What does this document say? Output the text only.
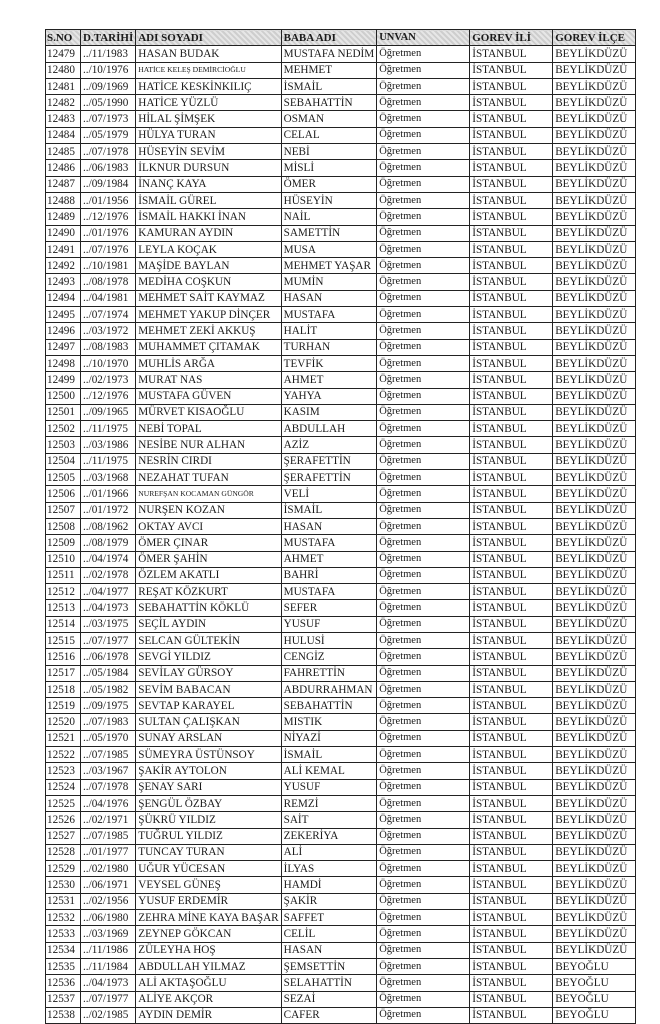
S.NO	D.TARİHİ	ADI SOYADI	BABA ADI	UNVAN	GOREV İLİ	GOREV İLÇE
12479	../11/1983	HASAN BUDAK	MUSTAFA NEDİM	Öğretmen	İSTANBUL	BEYLİKDÜZÜ
12480	../10/1976	HATİCE KELEŞ DEMİRCİOĞLU	MEHMET	Öğretmen	İSTANBUL	BEYLİKDÜZÜ
12481	../09/1969	HATİCE KESKİNKILIÇ	İSMAİL	Öğretmen	İSTANBUL	BEYLİKDÜZÜ
12482	../05/1990	HATİCE YÜZLÜ	SEBAHATTİN	Öğretmen	İSTANBUL	BEYLİKDÜZÜ
12483	../07/1973	HİLAL ŞİMŞEK	OSMAN	Öğretmen	İSTANBUL	BEYLİKDÜZÜ
12484	../05/1979	HÜLYA TURAN	CELAL	Öğretmen	İSTANBUL	BEYLİKDÜZÜ
12485	../07/1978	HÜSEYİN SEVİM	NEBİ	Öğretmen	İSTANBUL	BEYLİKDÜZÜ
12486	../06/1983	İLKNUR DURSUN	MİSLİ	Öğretmen	İSTANBUL	BEYLİKDÜZÜ
12487	../09/1984	İNANÇ KAYA	ÖMER	Öğretmen	İSTANBUL	BEYLİKDÜZÜ
12488	../01/1956	İSMAİL GÜREL	HÜSEYİN	Öğretmen	İSTANBUL	BEYLİKDÜZÜ
12489	../12/1976	İSMAİL HAKKI İNAN	NAİL	Öğretmen	İSTANBUL	BEYLİKDÜZÜ
12490	../01/1976	KAMURAN AYDIN	SAMETTİN	Öğretmen	İSTANBUL	BEYLİKDÜZÜ
12491	../07/1976	LEYLA KOÇAK	MUSA	Öğretmen	İSTANBUL	BEYLİKDÜZÜ
12492	../10/1981	MAŞİDE BAYLAN	MEHMET YAŞAR	Öğretmen	İSTANBUL	BEYLİKDÜZÜ
12493	../08/1978	MEDİHA COŞKUN	MUMİN	Öğretmen	İSTANBUL	BEYLİKDÜZÜ
12494	../04/1981	MEHMET SAİT KAYMAZ	HASAN	Öğretmen	İSTANBUL	BEYLİKDÜZÜ
12495	../07/1974	MEHMET YAKUP DİNÇER	MUSTAFA	Öğretmen	İSTANBUL	BEYLİKDÜZÜ
12496	../03/1972	MEHMET ZEKİ AKKUŞ	HALİT	Öğretmen	İSTANBUL	BEYLİKDÜZÜ
12497	../08/1983	MUHAMMET ÇITAMAK	TURHAN	Öğretmen	İSTANBUL	BEYLİKDÜZÜ
12498	../10/1970	MUHLİS ARĞA	TEVFİK	Öğretmen	İSTANBUL	BEYLİKDÜZÜ
12499	../02/1973	MURAT NAS	AHMET	Öğretmen	İSTANBUL	BEYLİKDÜZÜ
12500	../12/1976	MUSTAFA GÜVEN	YAHYA	Öğretmen	İSTANBUL	BEYLİKDÜZÜ
12501	../09/1965	MÜRVET KISAOĞLU	KASIM	Öğretmen	İSTANBUL	BEYLİKDÜZÜ
12502	../11/1975	NEBİ TOPAL	ABDULLAH	Öğretmen	İSTANBUL	BEYLİKDÜZÜ
12503	../03/1986	NESİBE NUR ALHAN	AZİZ	Öğretmen	İSTANBUL	BEYLİKDÜZÜ
12504	../11/1975	NESRİN CIRDI	ŞERAFETTİN	Öğretmen	İSTANBUL	BEYLİKDÜZÜ
12505	../03/1968	NEZAHAT TUFAN	ŞERAFETTİN	Öğretmen	İSTANBUL	BEYLİKDÜZÜ
12506	../01/1966	NUREFŞAN KOCAMAN GÜNGÖR	VELİ	Öğretmen	İSTANBUL	BEYLİKDÜZÜ
12507	../01/1972	NURŞEN KOZAN	İSMAİL	Öğretmen	İSTANBUL	BEYLİKDÜZÜ
12508	../08/1962	OKTAY AVCI	HASAN	Öğretmen	İSTANBUL	BEYLİKDÜZÜ
12509	../08/1979	ÖMER ÇINAR	MUSTAFA	Öğretmen	İSTANBUL	BEYLİKDÜZÜ
12510	../04/1974	ÖMER ŞAHİN	AHMET	Öğretmen	İSTANBUL	BEYLİKDÜZÜ
12511	../02/1978	ÖZLEM AKATLI	BAHRİ	Öğretmen	İSTANBUL	BEYLİKDÜZÜ
12512	../04/1977	REŞAT KÖZKURT	MUSTAFA	Öğretmen	İSTANBUL	BEYLİKDÜZÜ
12513	../04/1973	SEBAHATTİN KÖKLÜ	SEFER	Öğretmen	İSTANBUL	BEYLİKDÜZÜ
12514	../03/1975	SEÇİL AYDIN	YUSUF	Öğretmen	İSTANBUL	BEYLİKDÜZÜ
12515	../07/1977	SELCAN GÜLTEKİN	HULUSİ	Öğretmen	İSTANBUL	BEYLİKDÜZÜ
12516	../06/1978	SEVGİ YILDIZ	CENGİZ	Öğretmen	İSTANBUL	BEYLİKDÜZÜ
12517	../05/1984	SEVİLAY GÜRSOY	FAHRETTİN	Öğretmen	İSTANBUL	BEYLİKDÜZÜ
12518	../05/1982	SEVİM BABACAN	ABDURRAHMAN	Öğretmen	İSTANBUL	BEYLİKDÜZÜ
12519	../09/1975	SEVTAP KARAYEL	SEBAHATTİN	Öğretmen	İSTANBUL	BEYLİKDÜZÜ
12520	../07/1983	SULTAN ÇALIŞKAN	MISTIK	Öğretmen	İSTANBUL	BEYLİKDÜZÜ
12521	../05/1970	SUNAY ARSLAN	NİYAZİ	Öğretmen	İSTANBUL	BEYLİKDÜZÜ
12522	../07/1985	SÜMEYRA ÜSTÜNSOY	İSMAİL	Öğretmen	İSTANBUL	BEYLİKDÜZÜ
12523	../03/1967	ŞAKİR AYTOLON	ALİ KEMAL	Öğretmen	İSTANBUL	BEYLİKDÜZÜ
12524	../07/1978	ŞENAY SARI	YUSUF	Öğretmen	İSTANBUL	BEYLİKDÜZÜ
12525	../04/1976	ŞENGÜL ÖZBAY	REMZİ	Öğretmen	İSTANBUL	BEYLİKDÜZÜ
12526	../02/1971	ŞÜKRÜ YILDIZ	SAİT	Öğretmen	İSTANBUL	BEYLİKDÜZÜ
12527	../07/1985	TUĞRUL YILDIZ	ZEKERİYA	Öğretmen	İSTANBUL	BEYLİKDÜZÜ
12528	../01/1977	TUNCAY TURAN	ALİ	Öğretmen	İSTANBUL	BEYLİKDÜZÜ
12529	../02/1980	UĞUR YÜCESAN	İLYAS	Öğretmen	İSTANBUL	BEYLİKDÜZÜ
12530	../06/1971	VEYSEL GÜNEŞ	HAMDİ	Öğretmen	İSTANBUL	BEYLİKDÜZÜ
12531	../02/1956	YUSUF ERDEMİR	ŞAKİR	Öğretmen	İSTANBUL	BEYLİKDÜZÜ
12532	../06/1980	ZEHRA MİNE KAYA BAŞAR	SAFFET	Öğretmen	İSTANBUL	BEYLİKDÜZÜ
12533	../03/1969	ZEYNEP GÖKCAN	CELİL	Öğretmen	İSTANBUL	BEYLİKDÜZÜ
12534	../11/1986	ZÜLEYHA HOŞ	HASAN	Öğretmen	İSTANBUL	BEYLİKDÜZÜ
12535	../11/1984	ABDULLAH YILMAZ	ŞEMSETTİN	Öğretmen	İSTANBUL	BEYOĞLU
12536	../04/1973	ALİ AKTAŞOĞLU	SELAHATTİN	Öğretmen	İSTANBUL	BEYOĞLU
12537	../07/1977	ALİYE AKÇOR	SEZAİ	Öğretmen	İSTANBUL	BEYOĞLU
12538	../02/1985	AYDIN DEMİR	CAFER	Öğretmen	İSTANBUL	BEYOĞLU
